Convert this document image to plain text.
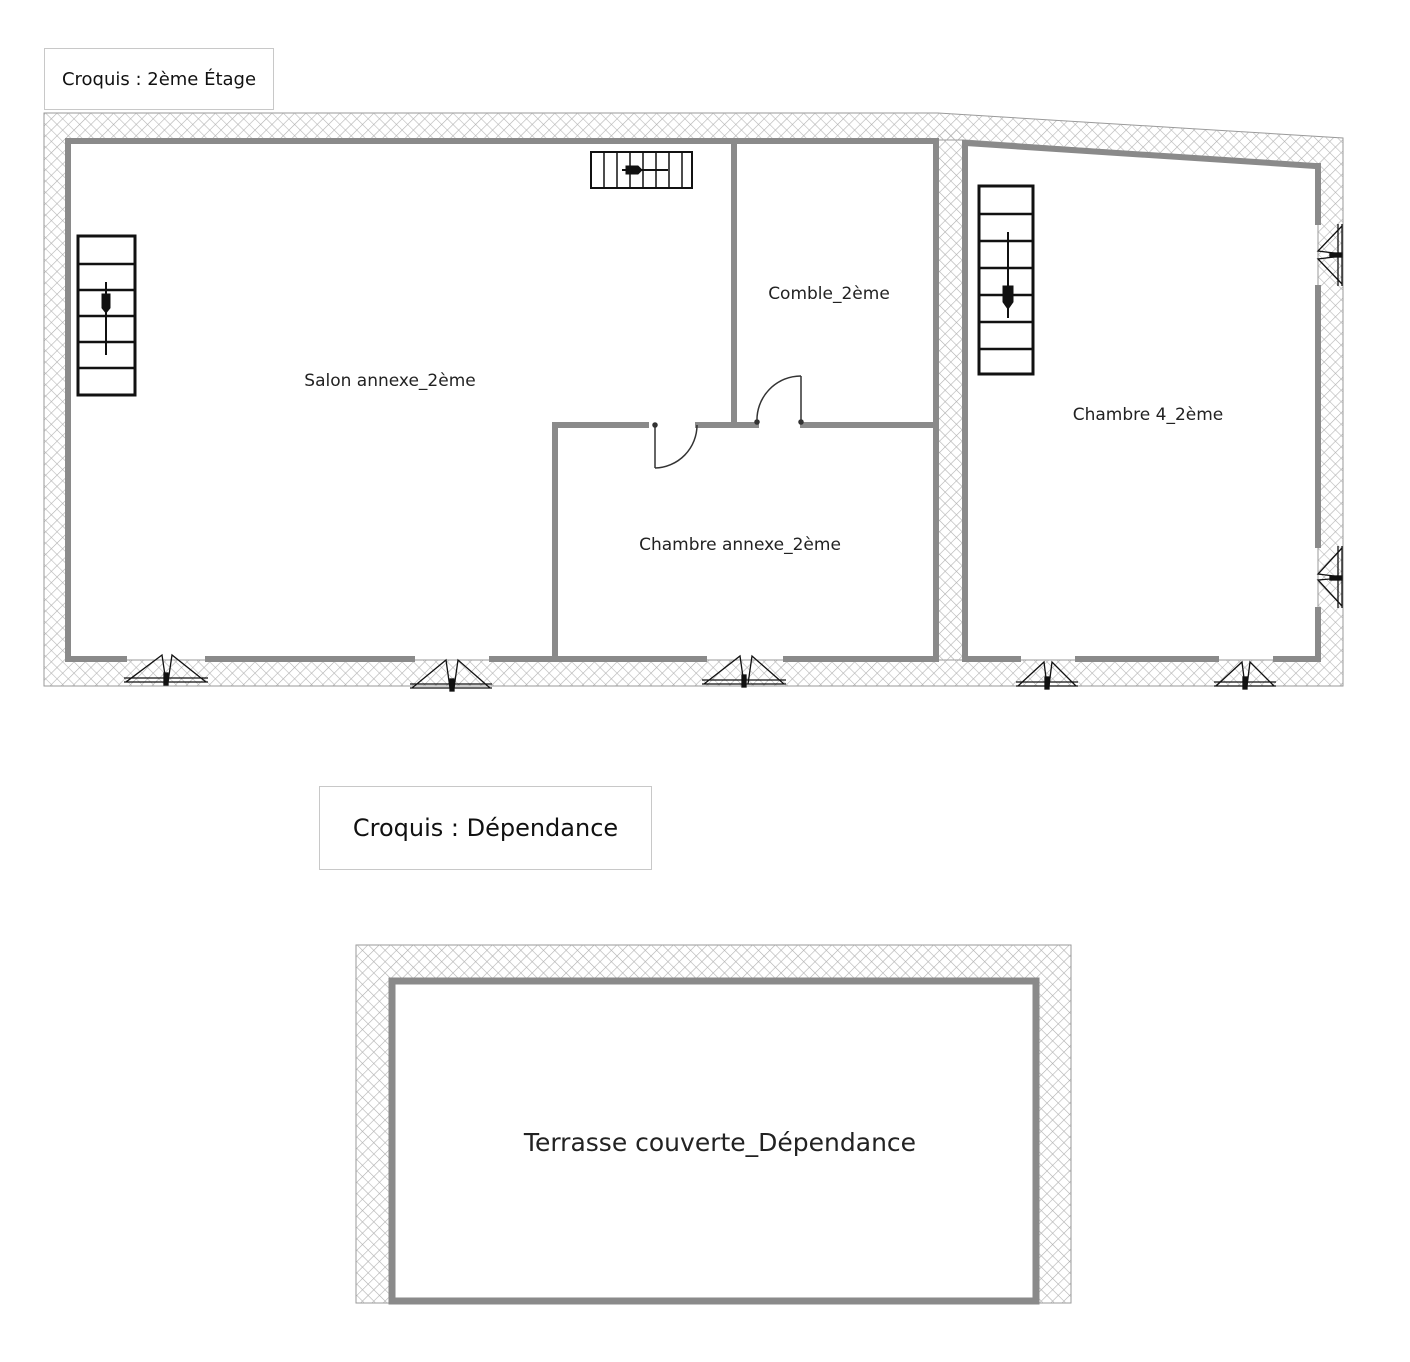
Croquis : 2ème Étage
Croquis : Dépendance
Salon annexe_2ème
Comble_2ème
Chambre annexe_2ème
Chambre 4_2ème
Terrasse couverte_Dépendance
